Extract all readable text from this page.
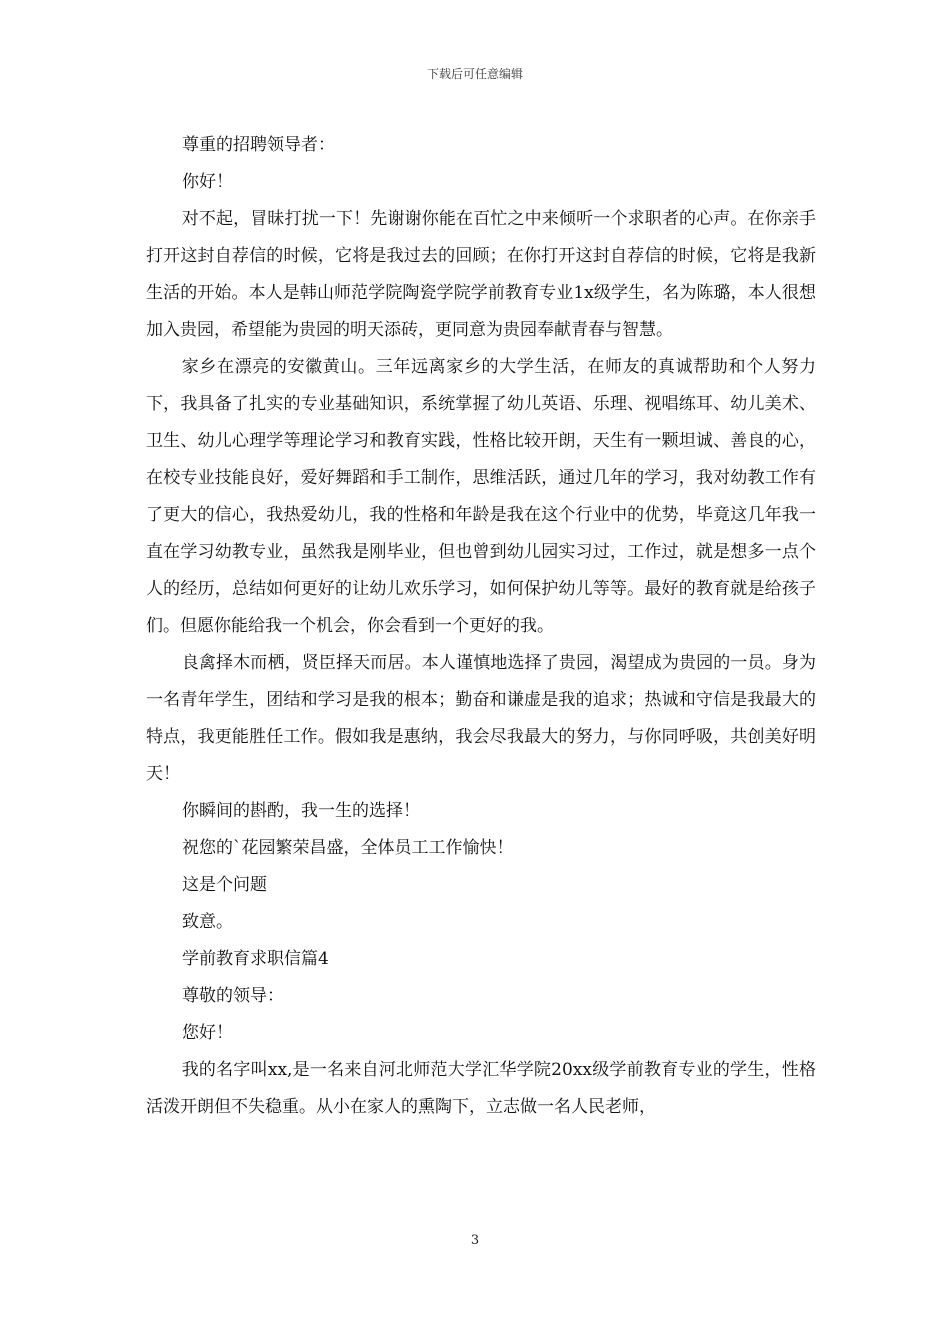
下载后可任意编辑

尊重的招聘领导者：

你好！

对不起，冒昧打扰一下！先谢谢你能在百忙之中来倾听一个求职者的心声。在你亲手打开这封自荐信的时候，它将是我过去的回顾；在你打开这封自荐信的时候，它将是我新生活的开始。本人是韩山师范学院陶瓷学院学前教育专业1x级学生，名为陈璐，本人很想加入贵园，希望能为贵园的明天添砖，更同意为贵园奉献青春与智慧。

家乡在漂亮的安徽黄山。三年远离家乡的大学生活，在师友的真诚帮助和个人努力下，我具备了扎实的专业基础知识，系统掌握了幼儿英语、乐理、视唱练耳、幼儿美术、卫生、幼儿心理学等理论学习和教育实践，性格比较开朗，天生有一颗坦诚、善良的心，在校专业技能良好，爱好舞蹈和手工制作，思维活跃，通过几年的学习，我对幼教工作有了更大的信心，我热爱幼儿，我的性格和年龄是我在这个行业中的优势，毕竟这几年我一直在学习幼教专业，虽然我是刚毕业，但也曾到幼儿园实习过，工作过，就是想多一点个人的经历，总结如何更好的让幼儿欢乐学习，如何保护幼儿等等。最好的教育就是给孩子们。但愿你能给我一个机会，你会看到一个更好的我。

良禽择木而栖，贤臣择天而居。本人谨慎地选择了贵园，渴望成为贵园的一员。身为一名青年学生，团结和学习是我的根本；勤奋和谦虚是我的追求；热诚和守信是我最大的特点，我更能胜任工作。假如我是惠纳，我会尽我最大的努力，与你同呼吸，共创美好明天！

你瞬间的斟酌，我一生的选择！

祝您的`花园繁荣昌盛，全体员工工作愉快！

这是个问题

致意。

学前教育求职信篇4

尊敬的领导：

您好！

我的名字叫xx,是一名来自河北师范大学汇华学院20xx级学前教育专业的学生，性格活泼开朗但不失稳重。从小在家人的熏陶下，立志做一名人民老师，

3
